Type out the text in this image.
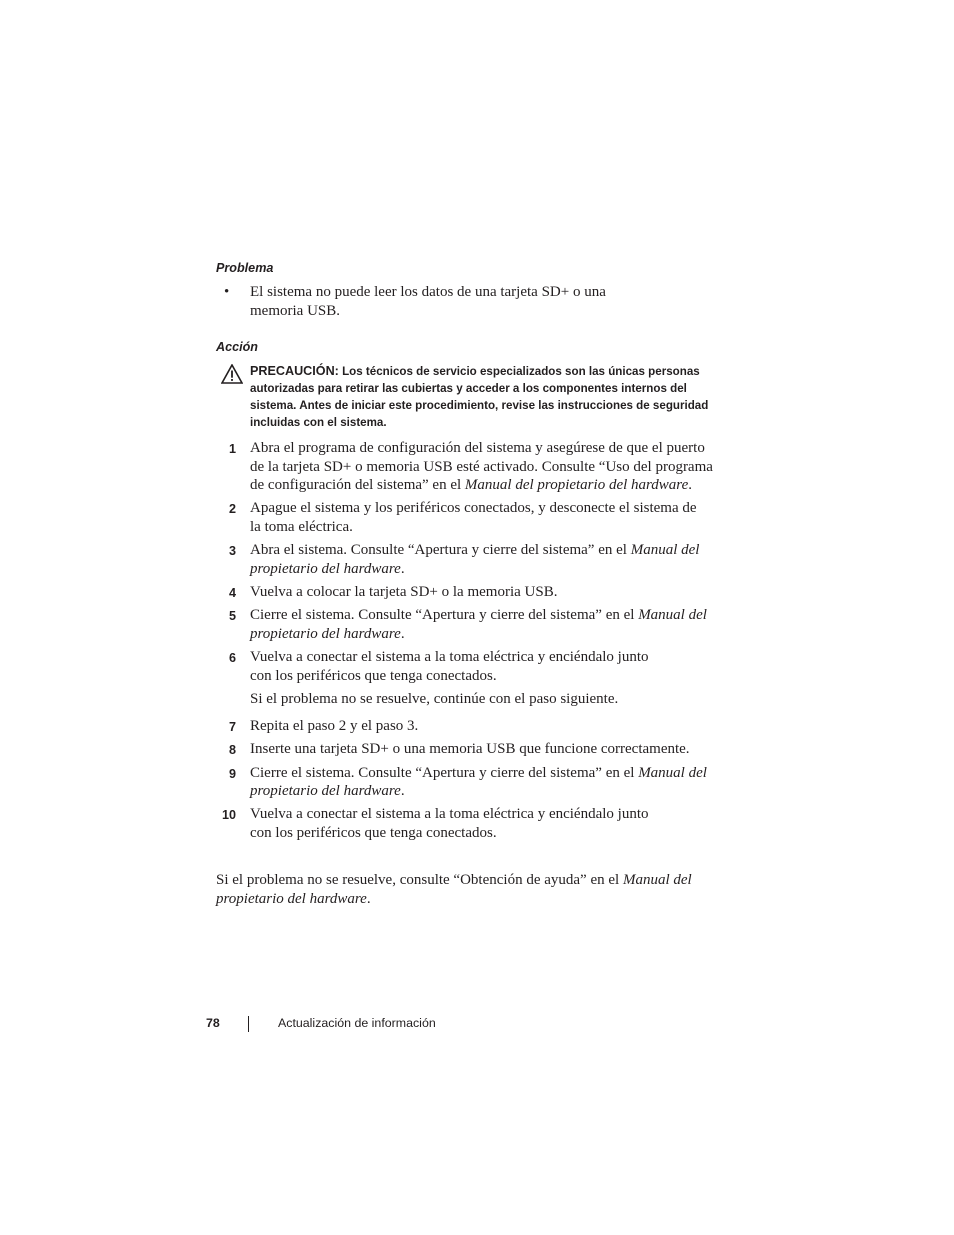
Problema
• El sistema no puede leer los datos de una tarjeta SD+ o una memoria USB.
Acción
PRECAUCIÓN: Los técnicos de servicio especializados son las únicas personas autorizadas para retirar las cubiertas y acceder a los componentes internos del sistema. Antes de iniciar este procedimiento, revise las instrucciones de seguridad incluidas con el sistema.
1 Abra el programa de configuración del sistema y asegúrese de que el puerto de la tarjeta SD+ o memoria USB esté activado. Consulte “Uso del programa de configuración del sistema” en el Manual del propietario del hardware.
2 Apague el sistema y los periféricos conectados, y desconecte el sistema de la toma eléctrica.
3 Abra el sistema. Consulte “Apertura y cierre del sistema” en el Manual del propietario del hardware.
4 Vuelva a colocar la tarjeta SD+ o la memoria USB.
5 Cierre el sistema. Consulte “Apertura y cierre del sistema” en el Manual del propietario del hardware.
6 Vuelva a conectar el sistema a la toma eléctrica y enciéndalo junto con los periféricos que tenga conectados.
Si el problema no se resuelve, continúe con el paso siguiente.
7 Repita el paso 2 y el paso 3.
8 Inserte una tarjeta SD+ o una memoria USB que funcione correctamente.
9 Cierre el sistema. Consulte “Apertura y cierre del sistema” en el Manual del propietario del hardware.
10 Vuelva a conectar el sistema a la toma eléctrica y enciéndalo junto con los periféricos que tenga conectados.
Si el problema no se resuelve, consulte “Obtención de ayuda” en el Manual del propietario del hardware.
78	Actualización de información
